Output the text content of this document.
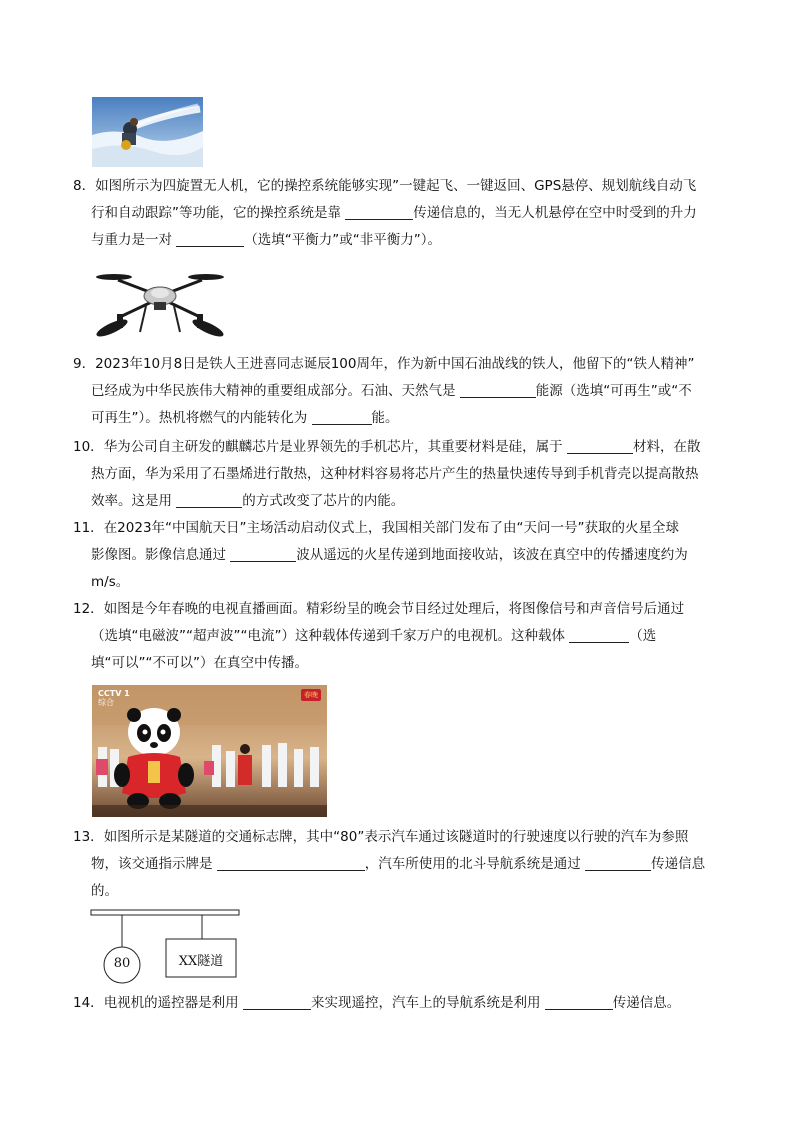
8．如图所示为四旋置无人机，它的操控系统能够实现”一键起飞、一键返回、GPS悬停、规划航线自动飞
行和自动跟踪”等功能，它的操控系统是靠	传递信息的，当无人机悬停在空中时受到的升力
与重力是一对	（选填“平衡力”或“非平衡力”）。
9．2023年10月8日是铁人王进喜同志诞辰100周年，作为新中国石油战线的铁人，他留下的“铁人精神”
已经成为中华民族伟大精神的重要组成部分。石油、天然气是	能源（选填“可再生”或“不
可再生”）。热机将燃气的内能转化为	能。
10．华为公司自主研发的麒麟芯片是业界领先的手机芯片，其重要材料是硅，属于	材料，在散
热方面，华为采用了石墨烯进行散热，这种材料容易将芯片产生的热量快速传导到手机背壳以提高散热
效率。这是用	的方式改变了芯片的内能。
11．在2023年“中国航天日”主场活动启动仪式上，我国相关部门发布了由“天问一号”获取的火星全球
影像图。影像信息通过	波从遥远的火星传递到地面接收站，该波在真空中的传播速度约为
m/s。
12．如图是今年春晚的电视直播画面。精彩纷呈的晚会节目经过处理后，将图像信号和声音信号后通过
（选填“电磁波”“超声波”“电流”）这种载体传递到千家万户的电视机。这种载体	（选
填“可以”“不可以”）在真空中传播。
CCTV 1
综合
春晚
13．如图所示是某隧道的交通标志牌，其中“80”表示汽车通过该隧道时的行驶速度以行驶的汽车为参照
物，该交通指示牌是	，汽车所使用的北斗导航系统是通过	传递信息
的。
80	XX隧道
14．电视机的遥控器是利用	来实现遥控，汽车上的导航系统是利用	传递信息。
